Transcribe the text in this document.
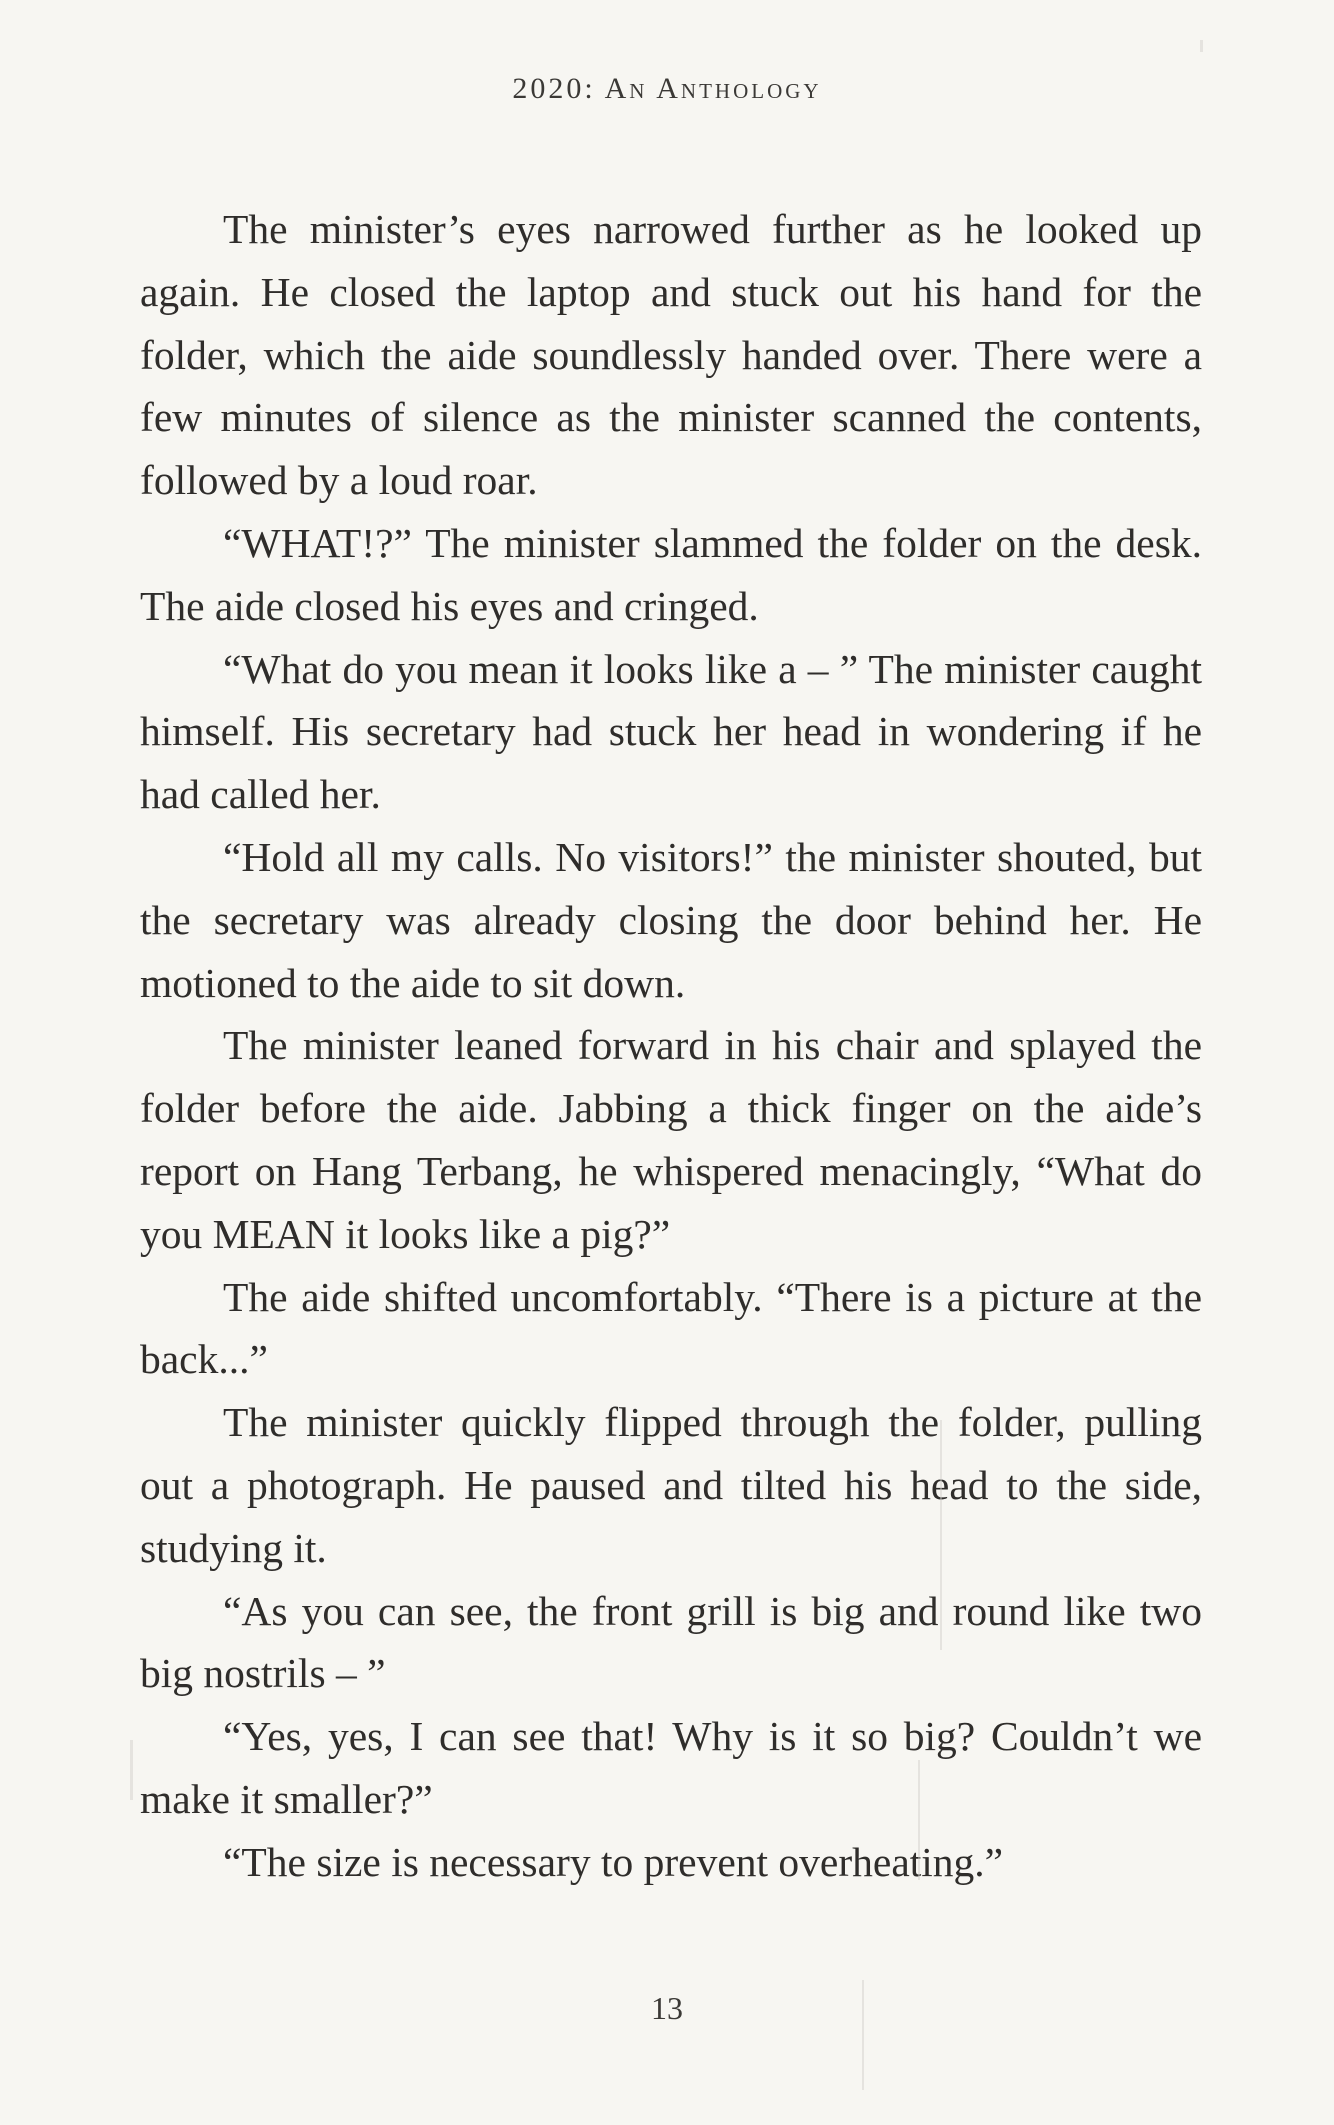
2020: An Anthology

The minister’s eyes narrowed further as he looked up again. He closed the laptop and stuck out his hand for the folder, which the aide soundlessly handed over. There were a few minutes of silence as the minister scanned the contents, followed by a loud roar.

“WHAT!?” The minister slammed the folder on the desk. The aide closed his eyes and cringed.

“What do you mean it looks like a – ” The minister caught himself. His secretary had stuck her head in wondering if he had called her.

“Hold all my calls. No visitors!” the minister shouted, but the secretary was already closing the door behind her. He motioned to the aide to sit down.

The minister leaned forward in his chair and splayed the folder before the aide. Jabbing a thick finger on the aide’s report on Hang Terbang, he whispered menacingly, “What do you MEAN it looks like a pig?”

The aide shifted uncomfortably. “There is a picture at the back...”

The minister quickly flipped through the folder, pulling out a photograph. He paused and tilted his head to the side, studying it.

“As you can see, the front grill is big and round like two big nostrils – ”

“Yes, yes, I can see that! Why is it so big? Couldn’t we make it smaller?”

“The size is necessary to prevent overheating.”

13
